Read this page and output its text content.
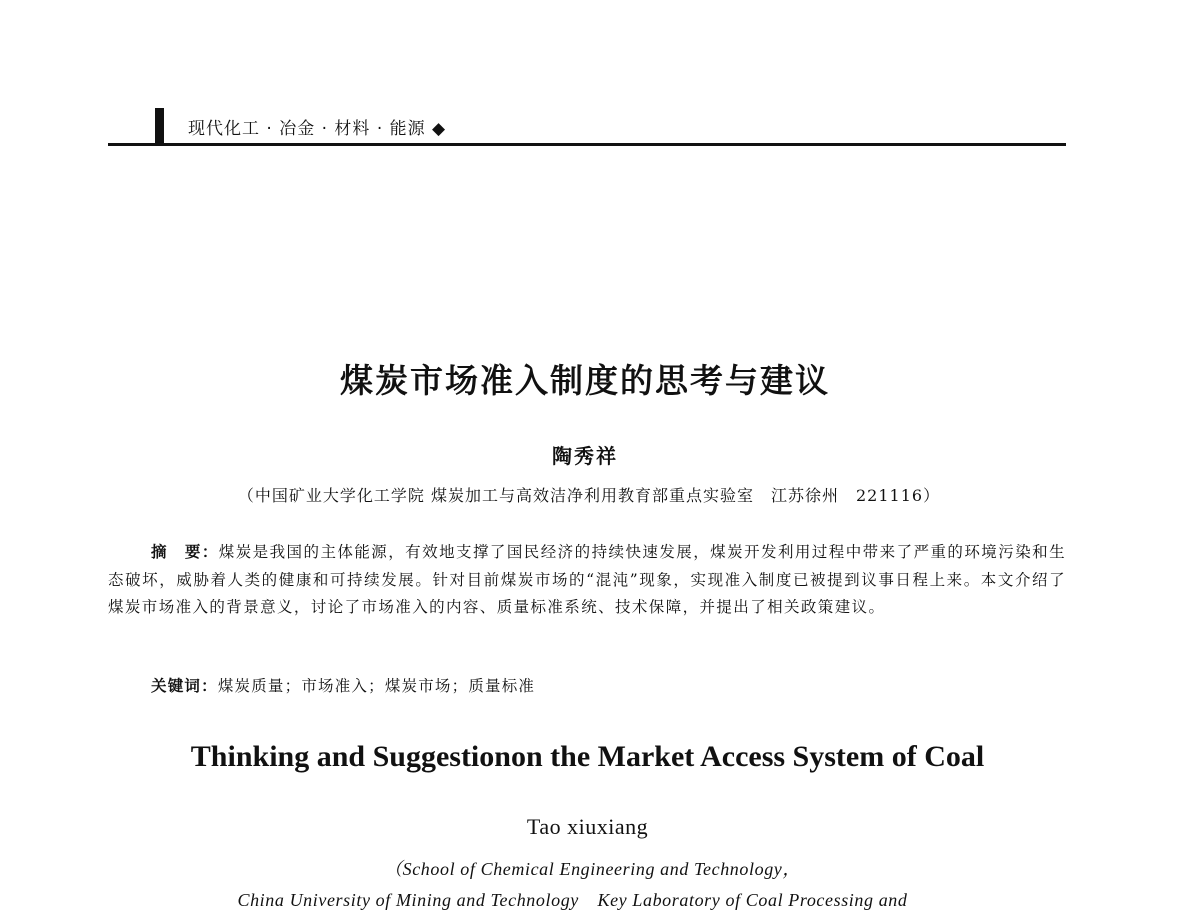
现代化工 · 冶金 · 材料 · 能源 ◆
煤炭市场准入制度的思考与建议
陶秀祥
（中国矿业大学化工学院 煤炭加工与高效洁净利用教育部重点实验室　江苏徐州　221116）
摘　要：煤炭是我国的主体能源，有效地支撑了国民经济的持续快速发展，煤炭开发利用过程中带来了严重的环境污染和生态破坏，威胁着人类的健康和可持续发展。针对目前煤炭市场的“混沌”现象，实现准入制度已被提到议事日程上来。本文介绍了煤炭市场准入的背景意义，讨论了市场准入的内容、质量标准系统、技术保障，并提出了相关政策建议。
关键词：煤炭质量；市场准入；煤炭市场；质量标准
Thinking and Suggestionon the Market Access System of Coal
Tao xiuxiang
（School of Chemical Engineering and Technology，
China University of Mining and Technology　Key Laboratory of Coal Processing and
